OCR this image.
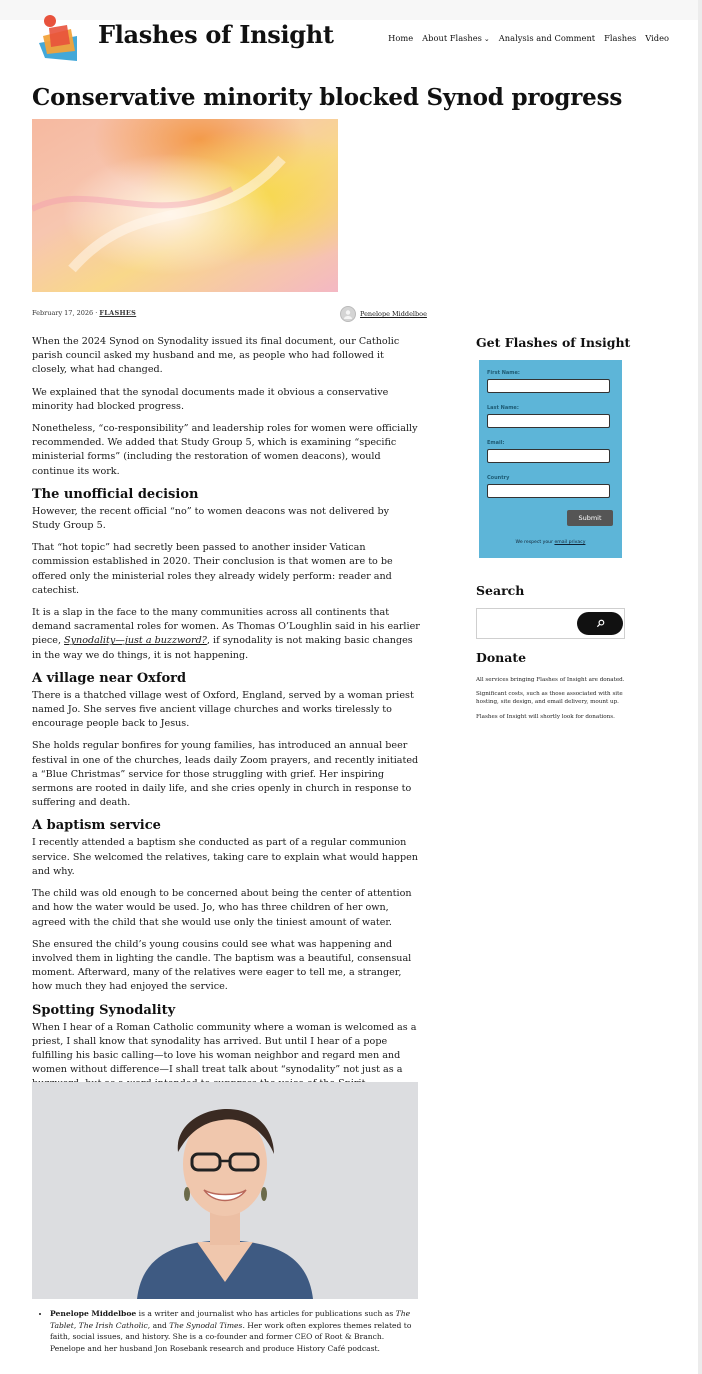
Flashes of Insight	Home About Flashes ⌄ Analysis and Comment Flashes Video
Conservative minority blocked Synod progress
February 17, 2026 · FLASHES	Penelope Middelboe

When the 2024 Synod on Synodality issued its final document, our Catholic parish council asked my husband and me, as people who had followed it closely, what had changed.

We explained that the synodal documents made it obvious a conservative minority had blocked progress.

Nonetheless, “co-responsibility” and leadership roles for women were officially recommended. We added that Study Group 5, which is examining “specific ministerial forms” (including the restoration of women deacons), would continue its work.

The unofficial decision

However, the recent official “no” to women deacons was not delivered by Study Group 5.

That “hot topic” had secretly been passed to another insider Vatican commission established in 2020. Their conclusion is that women are to be offered only the ministerial roles they already widely perform: reader and catechist.

It is a slap in the face to the many communities across all continents that demand sacramental roles for women. As Thomas O’Loughlin said in his earlier piece, Synodality—just a buzzword?, if synodality is not making basic changes in the way we do things, it is not happening.

A village near Oxford

There is a thatched village west of Oxford, England, served by a woman priest named Jo. She serves five ancient village churches and works tirelessly to encourage people back to Jesus.

She holds regular bonfires for young families, has introduced an annual beer festival in one of the churches, leads daily Zoom prayers, and recently initiated a “Blue Christmas” service for those struggling with grief. Her inspiring sermons are rooted in daily life, and she cries openly in church in response to suffering and death.

A baptism service

I recently attended a baptism she conducted as part of a regular communion service. She welcomed the relatives, taking care to explain what would happen and why.

The child was old enough to be concerned about being the center of attention and how the water would be used. Jo, who has three children of her own, agreed with the child that she would use only the tiniest amount of water.

She ensured the child’s young cousins could see what was happening and involved them in lighting the candle. The baptism was a beautiful, consensual moment. Afterward, many of the relatives were eager to tell me, a stranger, how much they had enjoyed the service.

Spotting Synodality

When I hear of a Roman Catholic community where a woman is welcomed as a priest, I shall know that synodality has arrived. But until I hear of a pope fulfilling his basic calling—to love his woman neighbor and regard men and women without difference—I shall treat talk about “synodality” not just as a

• Penelope Middelboe is a writer and journalist who has articles for publications such as The Tablet, The Irish Catholic, and The Synodal Times. Her work often explores themes related to faith, social issues, and history. She is a co-founder and former CEO of Root & Branch. Penelope and her husband Jon Rosebank research and produce History Café podcast.
Get Flashes of Insight
First Name:
Last Name:
Email:
Country
Submit
We respect your email privacy
Search
Donate

All services bringing Flashes of Insight are donated.

Significant costs, such as those associated with site hosting, site design, and email delivery, mount up.

Flashes of Insight will shortly look for donations.
